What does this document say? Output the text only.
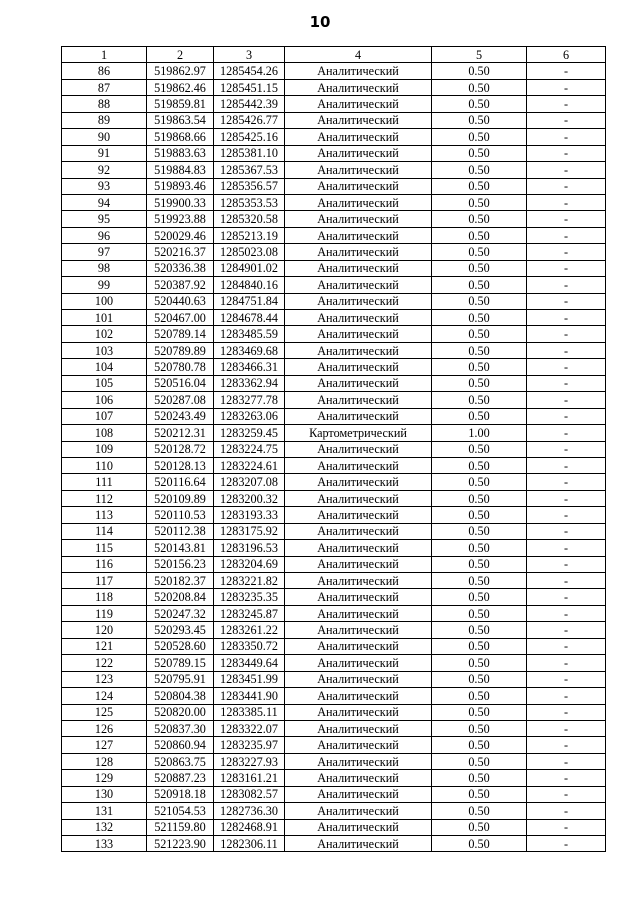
10
1	2	3	4	5	6
86	519862.97	1285454.26	Аналитический	0.50	-
87	519862.46	1285451.15	Аналитический	0.50	-
88	519859.81	1285442.39	Аналитический	0.50	-
89	519863.54	1285426.77	Аналитический	0.50	-
90	519868.66	1285425.16	Аналитический	0.50	-
91	519883.63	1285381.10	Аналитический	0.50	-
92	519884.83	1285367.53	Аналитический	0.50	-
93	519893.46	1285356.57	Аналитический	0.50	-
94	519900.33	1285353.53	Аналитический	0.50	-
95	519923.88	1285320.58	Аналитический	0.50	-
96	520029.46	1285213.19	Аналитический	0.50	-
97	520216.37	1285023.08	Аналитический	0.50	-
98	520336.38	1284901.02	Аналитический	0.50	-
99	520387.92	1284840.16	Аналитический	0.50	-
100	520440.63	1284751.84	Аналитический	0.50	-
101	520467.00	1284678.44	Аналитический	0.50	-
102	520789.14	1283485.59	Аналитический	0.50	-
103	520789.89	1283469.68	Аналитический	0.50	-
104	520780.78	1283466.31	Аналитический	0.50	-
105	520516.04	1283362.94	Аналитический	0.50	-
106	520287.08	1283277.78	Аналитический	0.50	-
107	520243.49	1283263.06	Аналитический	0.50	-
108	520212.31	1283259.45	Картометрический	1.00	-
109	520128.72	1283224.75	Аналитический	0.50	-
110	520128.13	1283224.61	Аналитический	0.50	-
111	520116.64	1283207.08	Аналитический	0.50	-
112	520109.89	1283200.32	Аналитический	0.50	-
113	520110.53	1283193.33	Аналитический	0.50	-
114	520112.38	1283175.92	Аналитический	0.50	-
115	520143.81	1283196.53	Аналитический	0.50	-
116	520156.23	1283204.69	Аналитический	0.50	-
117	520182.37	1283221.82	Аналитический	0.50	-
118	520208.84	1283235.35	Аналитический	0.50	-
119	520247.32	1283245.87	Аналитический	0.50	-
120	520293.45	1283261.22	Аналитический	0.50	-
121	520528.60	1283350.72	Аналитический	0.50	-
122	520789.15	1283449.64	Аналитический	0.50	-
123	520795.91	1283451.99	Аналитический	0.50	-
124	520804.38	1283441.90	Аналитический	0.50	-
125	520820.00	1283385.11	Аналитический	0.50	-
126	520837.30	1283322.07	Аналитический	0.50	-
127	520860.94	1283235.97	Аналитический	0.50	-
128	520863.75	1283227.93	Аналитический	0.50	-
129	520887.23	1283161.21	Аналитический	0.50	-
130	520918.18	1283082.57	Аналитический	0.50	-
131	521054.53	1282736.30	Аналитический	0.50	-
132	521159.80	1282468.91	Аналитический	0.50	-
133	521223.90	1282306.11	Аналитический	0.50	-
